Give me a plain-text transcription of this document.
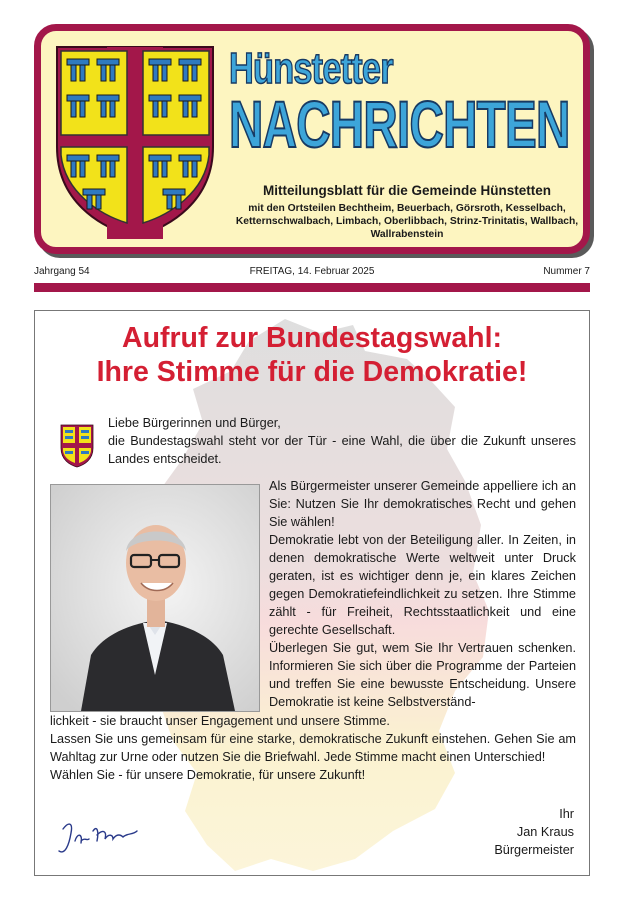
Hünstetter
NACHRICHTEN

Mitteilungsblatt für die Gemeinde Hünstetten

mit den Ortsteilen Bechtheim, Beuerbach, Görsroth, Kesselbach, Ketternschwalbach, Limbach, Oberlibbach, Strinz-Trinitatis, Wallbach, Wallrabenstein

FREITAG, 14. Februar 2025
Jahrgang 54	Nummer 7
Aufruf zur Bundestagswahl:
Ihre Stimme für die Demokratie!

Liebe Bürgerinnen und Bürger,
die Bundestagswahl steht vor der Tür - eine Wahl, die über die Zukunft unseres Landes entscheidet.

Als Bürgermeister unserer Gemeinde appelliere ich an Sie: Nutzen Sie Ihr demokratisches Recht und gehen Sie wählen!
Demokratie lebt von der Beteiligung aller. In Zeiten, in denen demokratische Werte weltweit unter Druck geraten, ist es wichtiger denn je, ein klares Zeichen gegen Demokratiefeindlichkeit zu setzen. Ihre Stimme zählt - für Freiheit, Rechtsstaatlichkeit und eine gerechte Gesellschaft.
Überlegen Sie gut, wem Sie Ihr Vertrauen schenken. Informieren Sie sich über die Programme der Parteien und treffen Sie eine bewusste Entscheidung. Unsere Demokratie ist keine Selbstverständ-

lichkeit - sie braucht unser Engagement und unsere Stimme.
Lassen Sie uns gemeinsam für eine starke, demokratische Zukunft einstehen. Gehen Sie am Wahltag zur Urne oder nutzen Sie die Briefwahl. Jede Stimme macht einen Unterschied!
Wählen Sie - für unsere Demokratie, für unsere Zukunft!

Ihr
Jan Kraus
Bürgermeister
